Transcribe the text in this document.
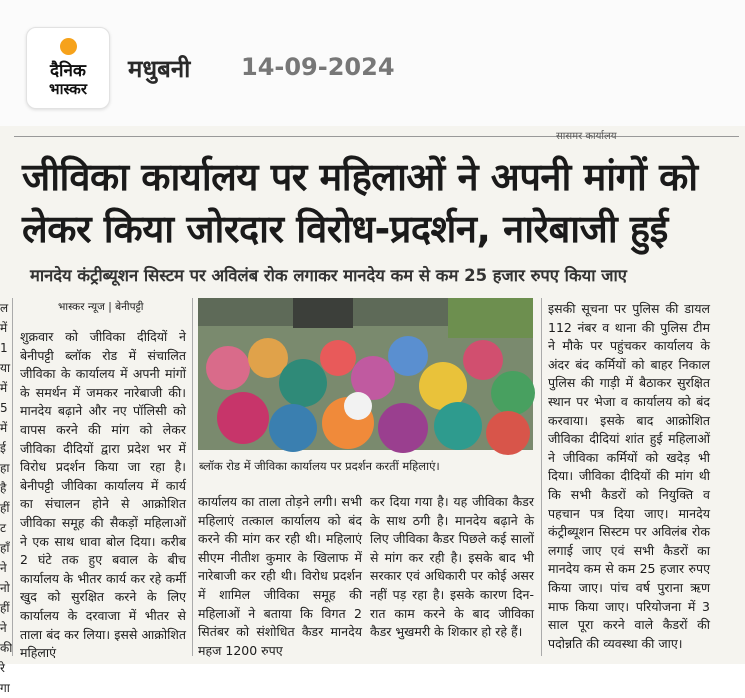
दैनिक
भास्कर
मधुबनी 14-09-2024
सासमर कार्यालय
जीविका कार्यालय पर महिलाओं ने अपनी मांगों को लेकर किया जोरदार विरोध-प्रदर्शन, नारेबाजी हुई
मानदेय कंट्रीब्यूशन सिस्टम पर अविलंब रोक लगाकर मानदेय कम से कम 25 हजार रुपए किया जाए
ल
में
1
या
में
5
में
ई
हा
है
हीं
ट
हाँ
ने
नो
हीं
ने
की
रे
गा
भास्कर न्यूज | बेनीपट्टी

शुक्रवार को जीविका दीदियों ने बेनीपट्टी ब्लॉक रोड में संचालित जीविका के कार्यालय में अपनी मांगों के समर्थन में जमकर नारेबाजी की। मानदेय बढ़ाने और नए पॉलिसी को वापस करने की मांग को लेकर जीविका दीदियों द्वारा प्रदेश भर में विरोध प्रदर्शन किया जा रहा है। बेनीपट्टी जीविका कार्यालय में कार्य का संचालन होने से आक्रोशित जीविका समूह की सैकड़ों महिलाओं ने एक साथ धावा बोल दिया। करीब 2 घंटे तक हुए बवाल के बीच कार्यालय के भीतर कार्य कर रहे कर्मी खुद को सुरक्षित करने के लिए कार्यालय के दरवाजा में भीतर से ताला बंद कर लिया। इससे आक्रोशित महिलाएं

ब्लॉक रोड में जीविका कार्यालय पर प्रदर्शन करतीं महिलाएं।

कार्यालय का ताला तोड़ने लगी। सभी महिलाएं तत्काल कार्यालय को बंद करने की मांग कर रही थी। महिलाएं सीएम नीतीश कुमार के खिलाफ में नारेबाजी कर रही थी। विरोध प्रदर्शन में शामिल जीविका समूह की महिलाओं ने बताया कि विगत 2 सितंबर को संशोधित कैडर मानदेय महज 1200 रुपए

कर दिया गया है। यह जीविका कैडर के साथ ठगी है। मानदेय बढ़ाने के लिए जीविका कैडर पिछले कई सालों से मांग कर रही है। इसके बाद भी सरकार एवं अधिकारी पर कोई असर नहीं पड़ रहा है। इसके कारण दिन-रात काम करने के बाद जीविका कैडर भुखमरी के शिकार हो रहे हैं।

इसकी सूचना पर पुलिस की डायल 112 नंबर व थाना की पुलिस टीम ने मौके पर पहुंचकर कार्यालय के अंदर बंद कर्मियों को बाहर निकाल पुलिस की गाड़ी में बैठाकर सुरक्षित स्थान पर भेजा व कार्यालय को बंद करवाया। इसके बाद आक्रोशित जीविका दीदियां शांत हुई महिलाओं ने जीविका कर्मियों को खदेड़ भी दिया। जीविका दीदियों की मांग थी कि सभी कैडरों को नियुक्ति व पहचान पत्र दिया जाए। मानदेय कंट्रीब्यूशन सिस्टम पर अविलंब रोक लगाई जाए एवं सभी कैडरों का मानदेय कम से कम 25 हजार रुपए किया जाए। पांच वर्ष पुराना ऋण माफ किया जाए। परियोजना में 3 साल पूरा करने वाले कैडरों की पदोन्नति की व्यवस्था की जाए।
